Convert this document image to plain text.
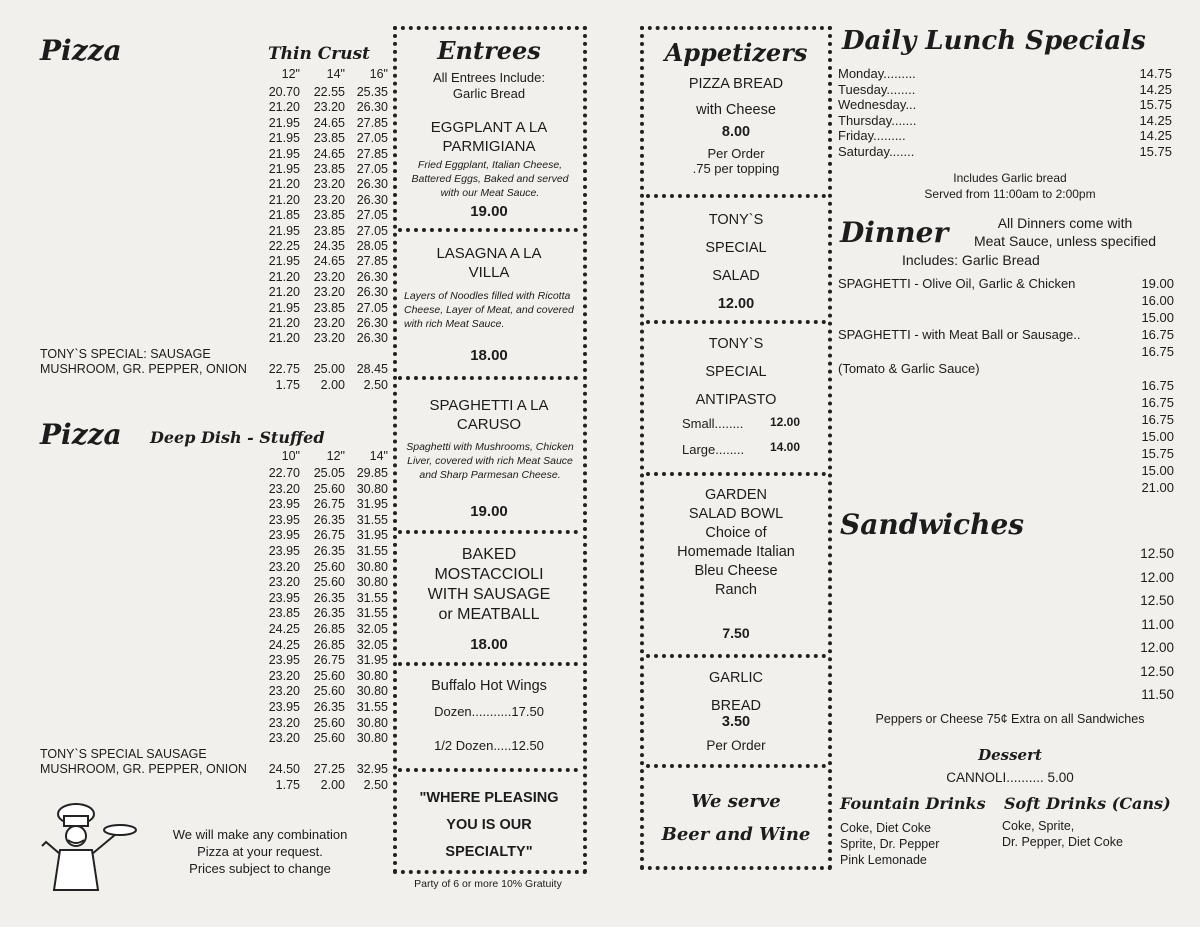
Pizza	Thin Crust
12"	14"	16"
20.70	22.55 25.35
21.20	23.20 26.30
21.95	24.65 27.85
21.95	23.85 27.05
21.95	24.65 27.85
21.95	23.85 27.05
21.20	23.20 26.30
21.20	23.20 26.30
21.85	23.85 27.05
21.95	23.85 27.05
22.25	24.35 28.05
21.95	24.65 27.85
21.20	23.20 26.30
21.20	23.20 26.30
21.95	23.85 27.05
21.20	23.20 26.30
21.20	23.20 26.30
TONY`S SPECIAL: SAUSAGE
MUSHROOM, GR. PEPPER, ONION	22.75	25.00 28.45
1.75	2.00	2.50
Pizza Deep Dish - Stuffed
10"	12"	14"
22.70	25.05 29.85
23.20	25.60 30.80
23.95	26.75 31.95
23.95	26.35 31.55
23.95	26.75 31.95
23.95	26.35 31.55
23.20	25.60 30.80
23.20	25.60 30.80
23.95	26.35 31.55
23.85	26.35 31.55
24.25	26.85 32.05
24.25	26.85 32.05
23.95	26.75 31.95
23.20	25.60 30.80
23.20	25.60 30.80
23.95	26.35 31.55
23.20	25.60 30.80
23.20	25.60 30.80
TONY`S SPECIAL SAUSAGE
MUSHROOM, GR. PEPPER, ONION	24.50	27.25 32.95
1.75	2.00	2.50
We will make any combination
Pizza at your request.
Prices subject to change
Entrees
All Entrees Include:
Garlic Bread
EGGPLANT A LA
PARMIGIANA
Fried Eggplant, Italian Cheese, Battered Eggs, Baked and served with our Meat Sauce.
19.00
LASAGNA A LA
VILLA
Layers of Noodles filled with Ricotta Cheese, Layer of Meat, and covered with rich Meat Sauce.
18.00
SPAGHETTI A LA
CARUSO
Spaghetti with Mushrooms, Chicken Liver, covered with rich Meat Sauce and Sharp Parmesan Cheese.
19.00
BAKED
MOSTACCIOLI
WITH SAUSAGE
or MEATBALL
18.00
Buffalo Hot Wings
Dozen...........17.50
1/2 Dozen.....12.50
"WHERE PLEASING
YOU IS OUR
SPECIALTY"
Party of 6 or more 10% Gratuity
Appetizers
PIZZA BREAD
with Cheese
8.00
Per Order
.75 per topping
TONY`S
SPECIAL
SALAD
12.00
TONY`S
SPECIAL
ANTIPASTO
Small........ 12.00
Large........ 14.00
GARDEN
SALAD BOWL
Choice of
Homemade Italian
Bleu Cheese
Ranch
7.50
GARLIC
BREAD
3.50
Per Order
We serve
Beer and Wine
Daily Lunch Specials
Monday.........	14.75
Tuesday........	14.25
Wednesday...	15.75
Thursday.......	14.25
Friday.........	14.25
Saturday.......	15.75
Includes Garlic bread
Served from 11:00am to 2:00pm
Dinner	All Dinners come with
Meat Sauce, unless specified
Includes: Garlic Bread
SPAGHETTI - Olive Oil, Garlic & Chicken	19.00
16.00
15.00
SPAGHETTI - with Meat Ball or Sausage..	16.75
16.75
(Tomato & Garlic Sauce)
16.75
16.75
16.75
15.00
15.75
15.00
21.00
Sandwiches
12.50
12.00
12.50
11.00
12.00
12.50
11.50
Peppers or Cheese 75¢ Extra on all Sandwiches
Dessert
CANNOLI.......... 5.00
Fountain Drinks
Coke, Diet Coke
Sprite, Dr. Pepper
Pink Lemonade
Soft Drinks (Cans)
Coke, Sprite,
Dr. Pepper, Diet Coke
